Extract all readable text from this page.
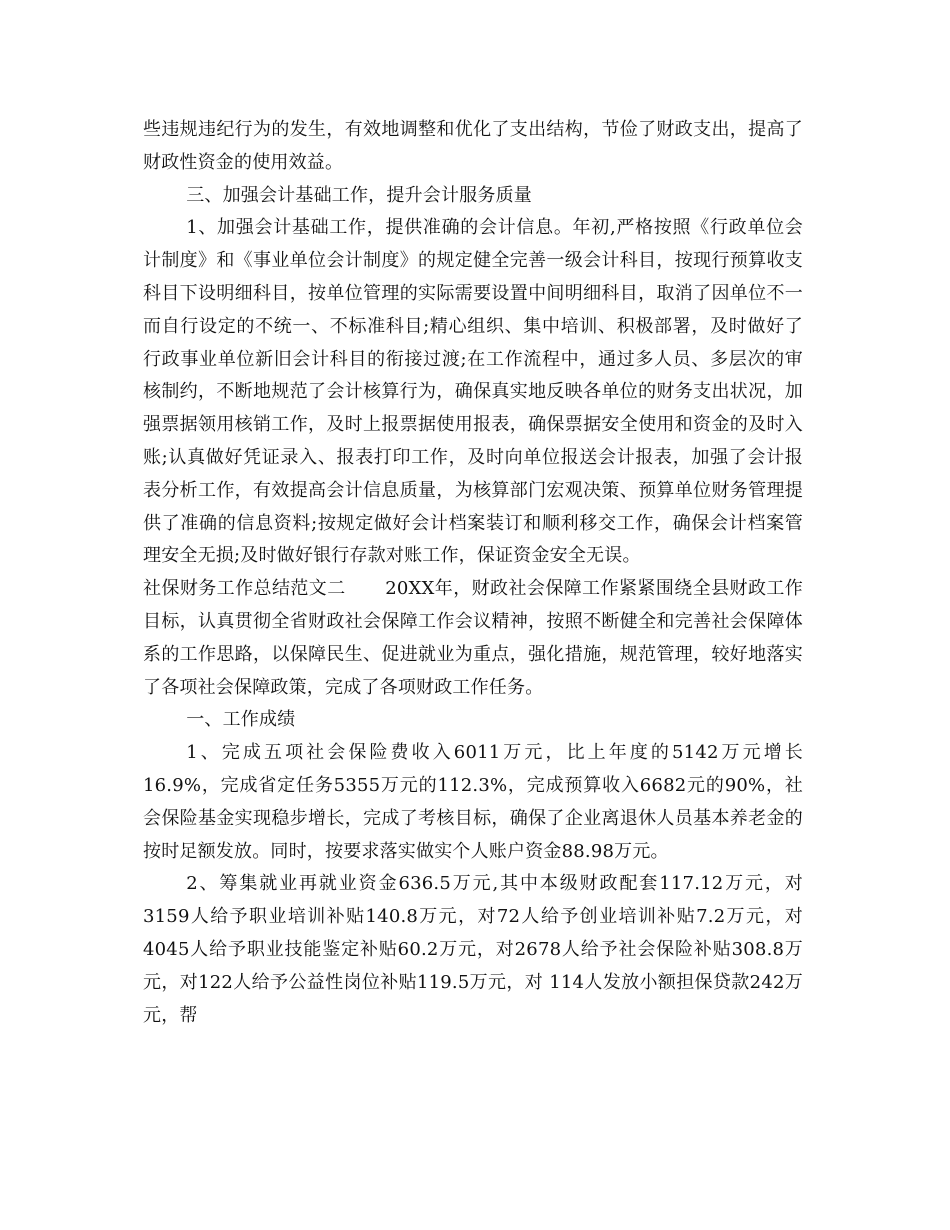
些违规违纪行为的发生，有效地调整和优化了支出结构，节俭了财政支出，提高了财政性资金的使用效益。

三、加强会计基础工作，提升会计服务质量

1、加强会计基础工作，提供准确的会计信息。年初,严格按照《行政单位会计制度》和《事业单位会计制度》的规定健全完善一级会计科目，按现行预算收支科目下设明细科目，按单位管理的实际需要设置中间明细科目，取消了因单位不一而自行设定的不统一、不标准科目;精心组织、集中培训、积极部署，及时做好了行政事业单位新旧会计科目的衔接过渡;在工作流程中，通过多人员、多层次的审核制约，不断地规范了会计核算行为，确保真实地反映各单位的财务支出状况，加强票据领用核销工作，及时上报票据使用报表，确保票据安全使用和资金的及时入账;认真做好凭证录入、报表打印工作，及时向单位报送会计报表，加强了会计报表分析工作，有效提高会计信息质量，为核算部门宏观决策、预算单位财务管理提供了准确的信息资料;按规定做好会计档案装订和顺利移交工作，确保会计档案管理安全无损;及时做好银行存款对账工作，保证资金安全无误。

社保财务工作总结范文二 20XX年，财政社会保障工作紧紧围绕全县财政工作目标，认真贯彻全省财政社会保障工作会议精神，按照不断健全和完善社会保障体系的工作思路，以保障民生、促进就业为重点，强化措施，规范管理，较好地落实了各项社会保障政策，完成了各项财政工作任务。

一、工作成绩

1、完成五项社会保险费收入6011万元，比上年度的5142万元增长16.9%，完成省定任务5355万元的112.3%，完成预算收入6682元的90%，社会保险基金实现稳步增长，完成了考核目标，确保了企业离退休人员基本养老金的按时足额发放。同时，按要求落实做实个人账户资金88.98万元。

2、筹集就业再就业资金636.5万元,其中本级财政配套117.12万元，对3159人给予职业培训补贴140.8万元，对72人给予创业培训补贴7.2万元，对4045人给予职业技能鉴定补贴60.2万元，对2678人给予社会保险补贴308.8万元，对122人给予公益性岗位补贴119.5万元，对 114人发放小额担保贷款242万元，帮
